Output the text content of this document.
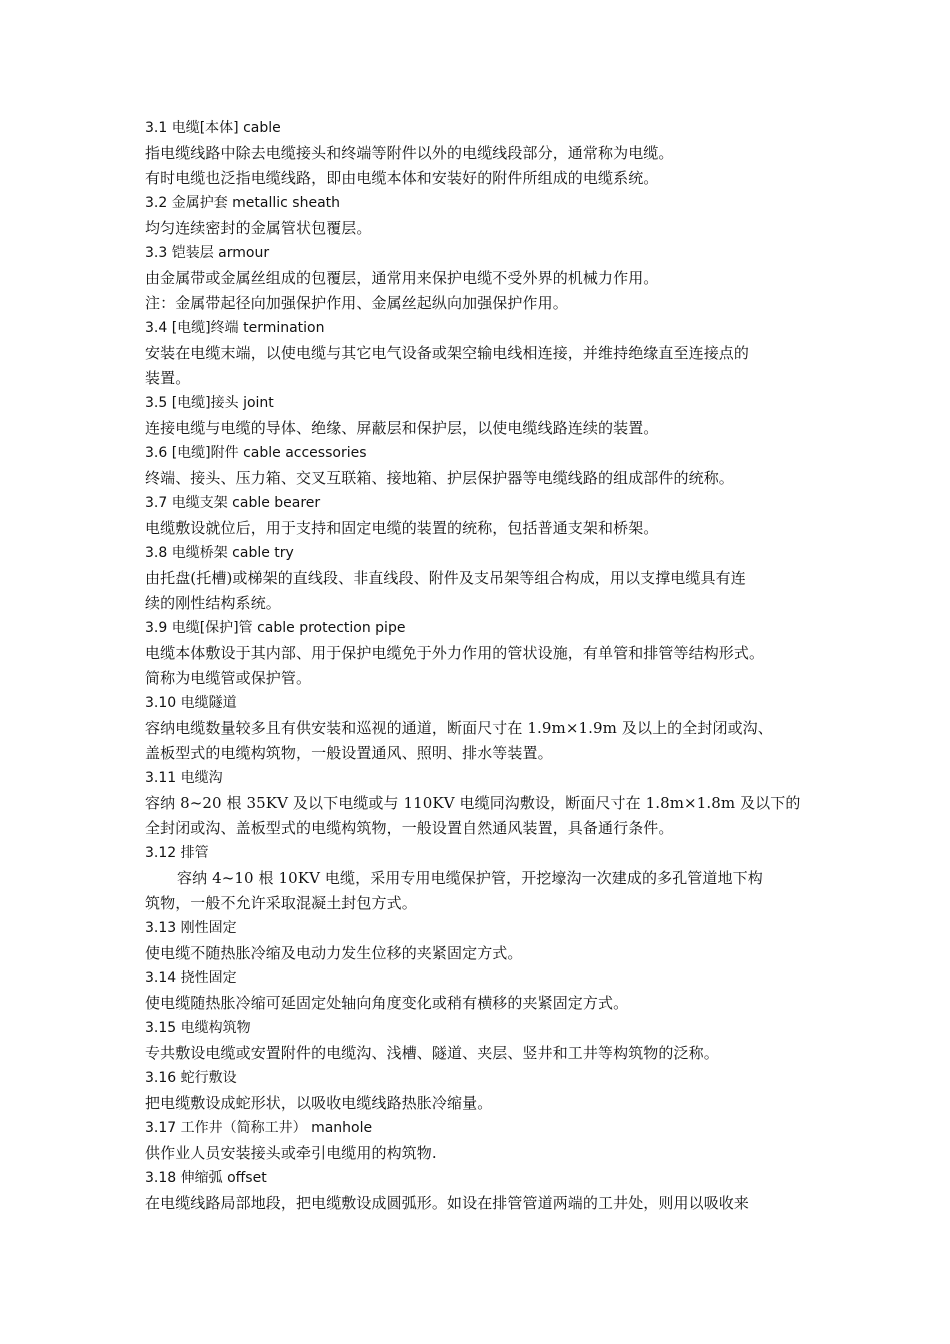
3.1 电缆[本体] cable
指电缆线路中除去电缆接头和终端等附件以外的电缆线段部分，通常称为电缆。
有时电缆也泛指电缆线路，即由电缆本体和安装好的附件所组成的电缆系统。
3.2 金属护套 metallic sheath
均匀连续密封的金属管状包覆层。
3.3 铠装层 armour
由金属带或金属丝组成的包覆层，通常用来保护电缆不受外界的机械力作用。
注：金属带起径向加强保护作用、金属丝起纵向加强保护作用。
3.4 [电缆]终端 termination
安装在电缆末端，以使电缆与其它电气设备或架空输电线相连接，并维持绝缘直至连接点的
装置。
3.5 [电缆]接头 joint
连接电缆与电缆的导体、绝缘、屏蔽层和保护层，以使电缆线路连续的装置。
3.6 [电缆]附件 cable accessories
终端、接头、压力箱、交叉互联箱、接地箱、护层保护器等电缆线路的组成部件的统称。
3.7 电缆支架 cable bearer
电缆敷设就位后，用于支持和固定电缆的装置的统称，包括普通支架和桥架。
3.8 电缆桥架 cable try
由托盘(托槽)或梯架的直线段、非直线段、附件及支吊架等组合构成，用以支撑电缆具有连
续的刚性结构系统。
3.9 电缆[保护]管 cable protection pipe
电缆本体敷设于其内部、用于保护电缆免于外力作用的管状设施，有单管和排管等结构形式。
简称为电缆管或保护管。
3.10 电缆隧道
容纳电缆数量较多且有供安装和巡视的通道，断面尺寸在 1.9m×1.9m 及以上的全封闭或沟、
盖板型式的电缆构筑物，一般设置通风、照明、排水等装置。
3.11 电缆沟
容纳 8~20 根 35KV 及以下电缆或与 110KV 电缆同沟敷设，断面尺寸在 1.8m×1.8m 及以下的
全封闭或沟、盖板型式的电缆构筑物，一般设置自然通风装置，具备通行条件。
3.12 排管
容纳 4~10 根 10KV 电缆，采用专用电缆保护管，开挖壕沟一次建成的多孔管道地下构
筑物，一般不允许采取混凝土封包方式。
3.13 刚性固定
使电缆不随热胀冷缩及电动力发生位移的夹紧固定方式。
3.14 挠性固定
使电缆随热胀冷缩可延固定处轴向角度变化或稍有横移的夹紧固定方式。
3.15 电缆构筑物
专共敷设电缆或安置附件的电缆沟、浅槽、隧道、夹层、竖井和工井等构筑物的泛称。
3.16 蛇行敷设
把电缆敷设成蛇形状，以吸收电缆线路热胀冷缩量。
3.17 工作井（简称工井） manhole
供作业人员安装接头或牵引电缆用的构筑物.
3.18 伸缩弧 offset
在电缆线路局部地段，把电缆敷设成圆弧形。如设在排管管道两端的工井处，则用以吸收来
